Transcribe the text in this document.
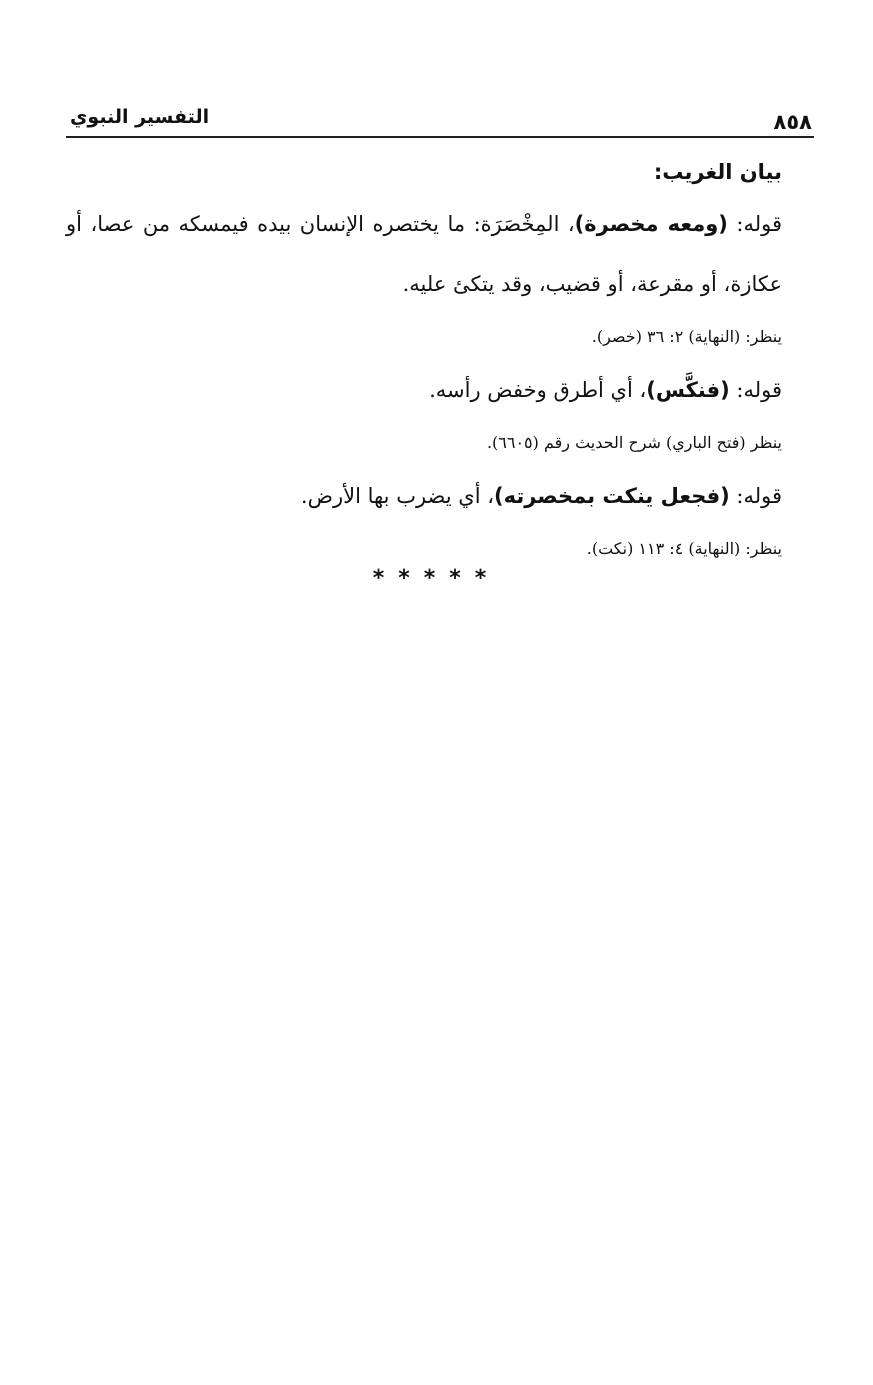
٨٥٨
التفسير النبوي

بيان الغريب:

قوله: (ومعه مخصرة)، المِخْصَرَة: ما يختصره الإنسان بيده فيمسكه من عصا، أو عكازة، أو مقرعة، أو قضيب، وقد يتكئ عليه.

ينظر: (النهاية) ٢: ٣٦ (خصر).

قوله: (فنكَّس)، أي أطرق وخفض رأسه.

ينظر (فتح الباري) شرح الحديث رقم (٦٦٠٥).

قوله: (فجعل ينكت بمخصرته)، أي يضرب بها الأرض.

ينظر: (النهاية) ٤: ١١٣ (نكت).

*****
